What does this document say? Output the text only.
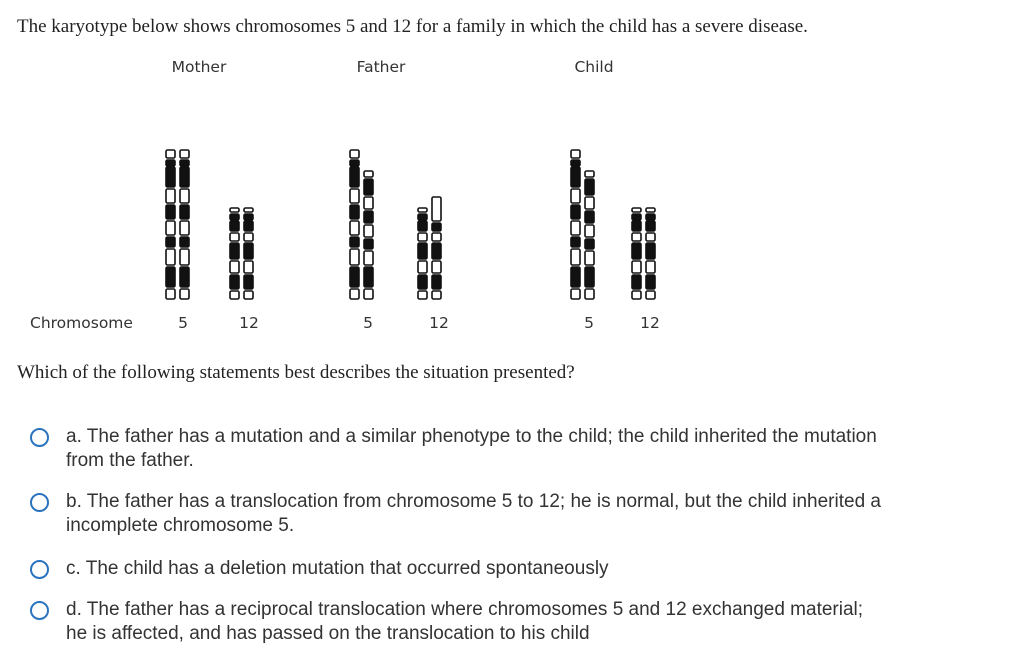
The karyotype below shows chromosomes 5 and 12 for a family in which the child has a severe disease.

Mother	Father	Child
Chromosome	5	12	5	12	5	12

Which of the following statements best describes the situation presented?

a. The father has a mutation and a similar phenotype to the child; the child inherited the mutation from the father.
b. The father has a translocation from chromosome 5 to 12; he is normal, but the child inherited a incomplete chromosome 5.
c. The child has a deletion mutation that occurred spontaneously
d. The father has a reciprocal translocation where chromosomes 5 and 12 exchanged material; he is affected, and has passed on the translocation to his child
